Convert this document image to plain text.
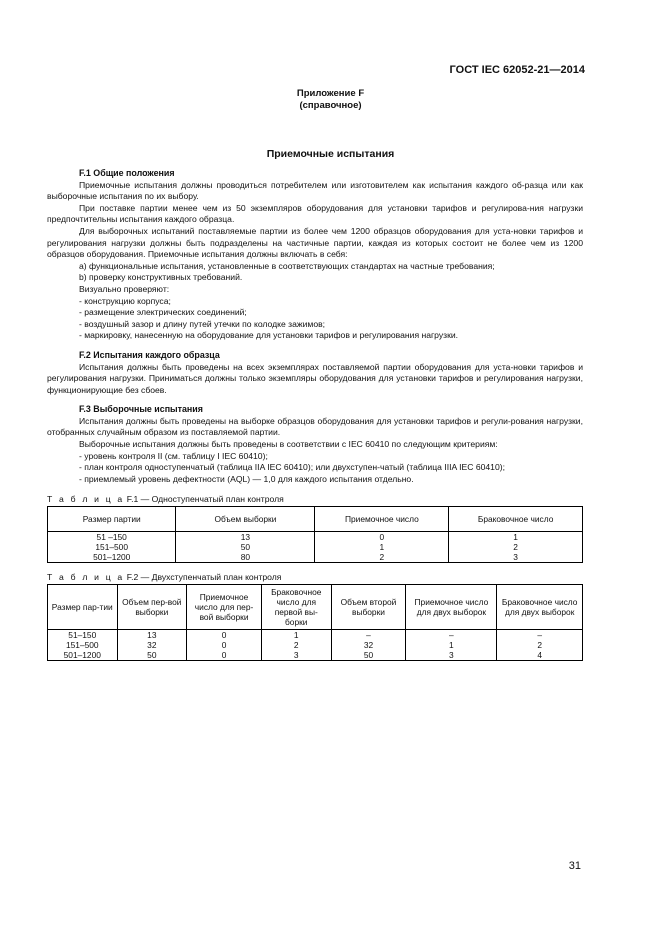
ГОСТ IEC 62052-21—2014
Приложение F
(справочное)
Приемочные испытания
F.1 Общие положения

Приемочные испытания должны проводиться потребителем или изготовителем как испытания каждого об-разца или как выборочные испытания по их выбору.

При поставке партии менее чем из 50 экземпляров оборудования для установки тарифов и регулирова-ния нагрузки предпочтительны испытания каждого образца.

Для выборочных испытаний поставляемые партии из более чем 1200 образцов оборудования для уста-новки тарифов и регулирования нагрузки должны быть подразделены на частичные партии, каждая из которых состоит не более чем из 1200 образцов оборудования. Приемочные испытания должны включать в себя:

a) функциональные испытания, установленные в соответствующих стандартах на частные требования;

b) проверку конструктивных требований.

Визуально проверяют:

- конструкцию корпуса;

- размещение электрических соединений;

- воздушный зазор и длину путей утечки по колодке зажимов;

- маркировку, нанесенную на оборудование для установки тарифов и регулирования нагрузки.

F.2 Испытания каждого образца

Испытания должны быть проведены на всех экземплярах поставляемой партии оборудования для уста-новки тарифов и регулирования нагрузки. Приниматься должны только экземпляры оборудования для установки тарифов и регулирования нагрузки, функционирующие без сбоев.

F.3 Выборочные испытания

Испытания должны быть проведены на выборке образцов оборудования для установки тарифов и регули-рования нагрузки, отобранных случайным образом из поставляемой партии.

Выборочные испытания должны быть проведены в соответствии с IEC 60410 по следующим критериям:

- уровень контроля II (см. таблицу I IEC 60410);

- план контроля одноступенчатый (таблица IIA IEC 60410); или двухступен-чатый (таблица IIIA IEC 60410);

- приемлемый уровень дефектности (AQL) — 1,0 для каждого испытания отдельно.

Т а б л и ц а F.1 — Одноступенчатый план контроля
Размер партии	Объем выборки	Приемочное число	Браковочное число
51 –150	13	0	1
151–500	50	1	2
501–1200	80	2	3
Т а б л и ц а F.2 — Двухступенчатый план контроля
Размер пар-тии	Объем пер-вой выборки	Приемочное число для пер-вой выборки	Браковочное число для первой вы-борки	Объем второй выборки	Приемочное число для двух выборок	Браковочное число для двух выборок
51–150	13	0	1	–	–	–
151–500	32	0	2	32	1	2
501–1200	50	0	3	50	3	4
31
